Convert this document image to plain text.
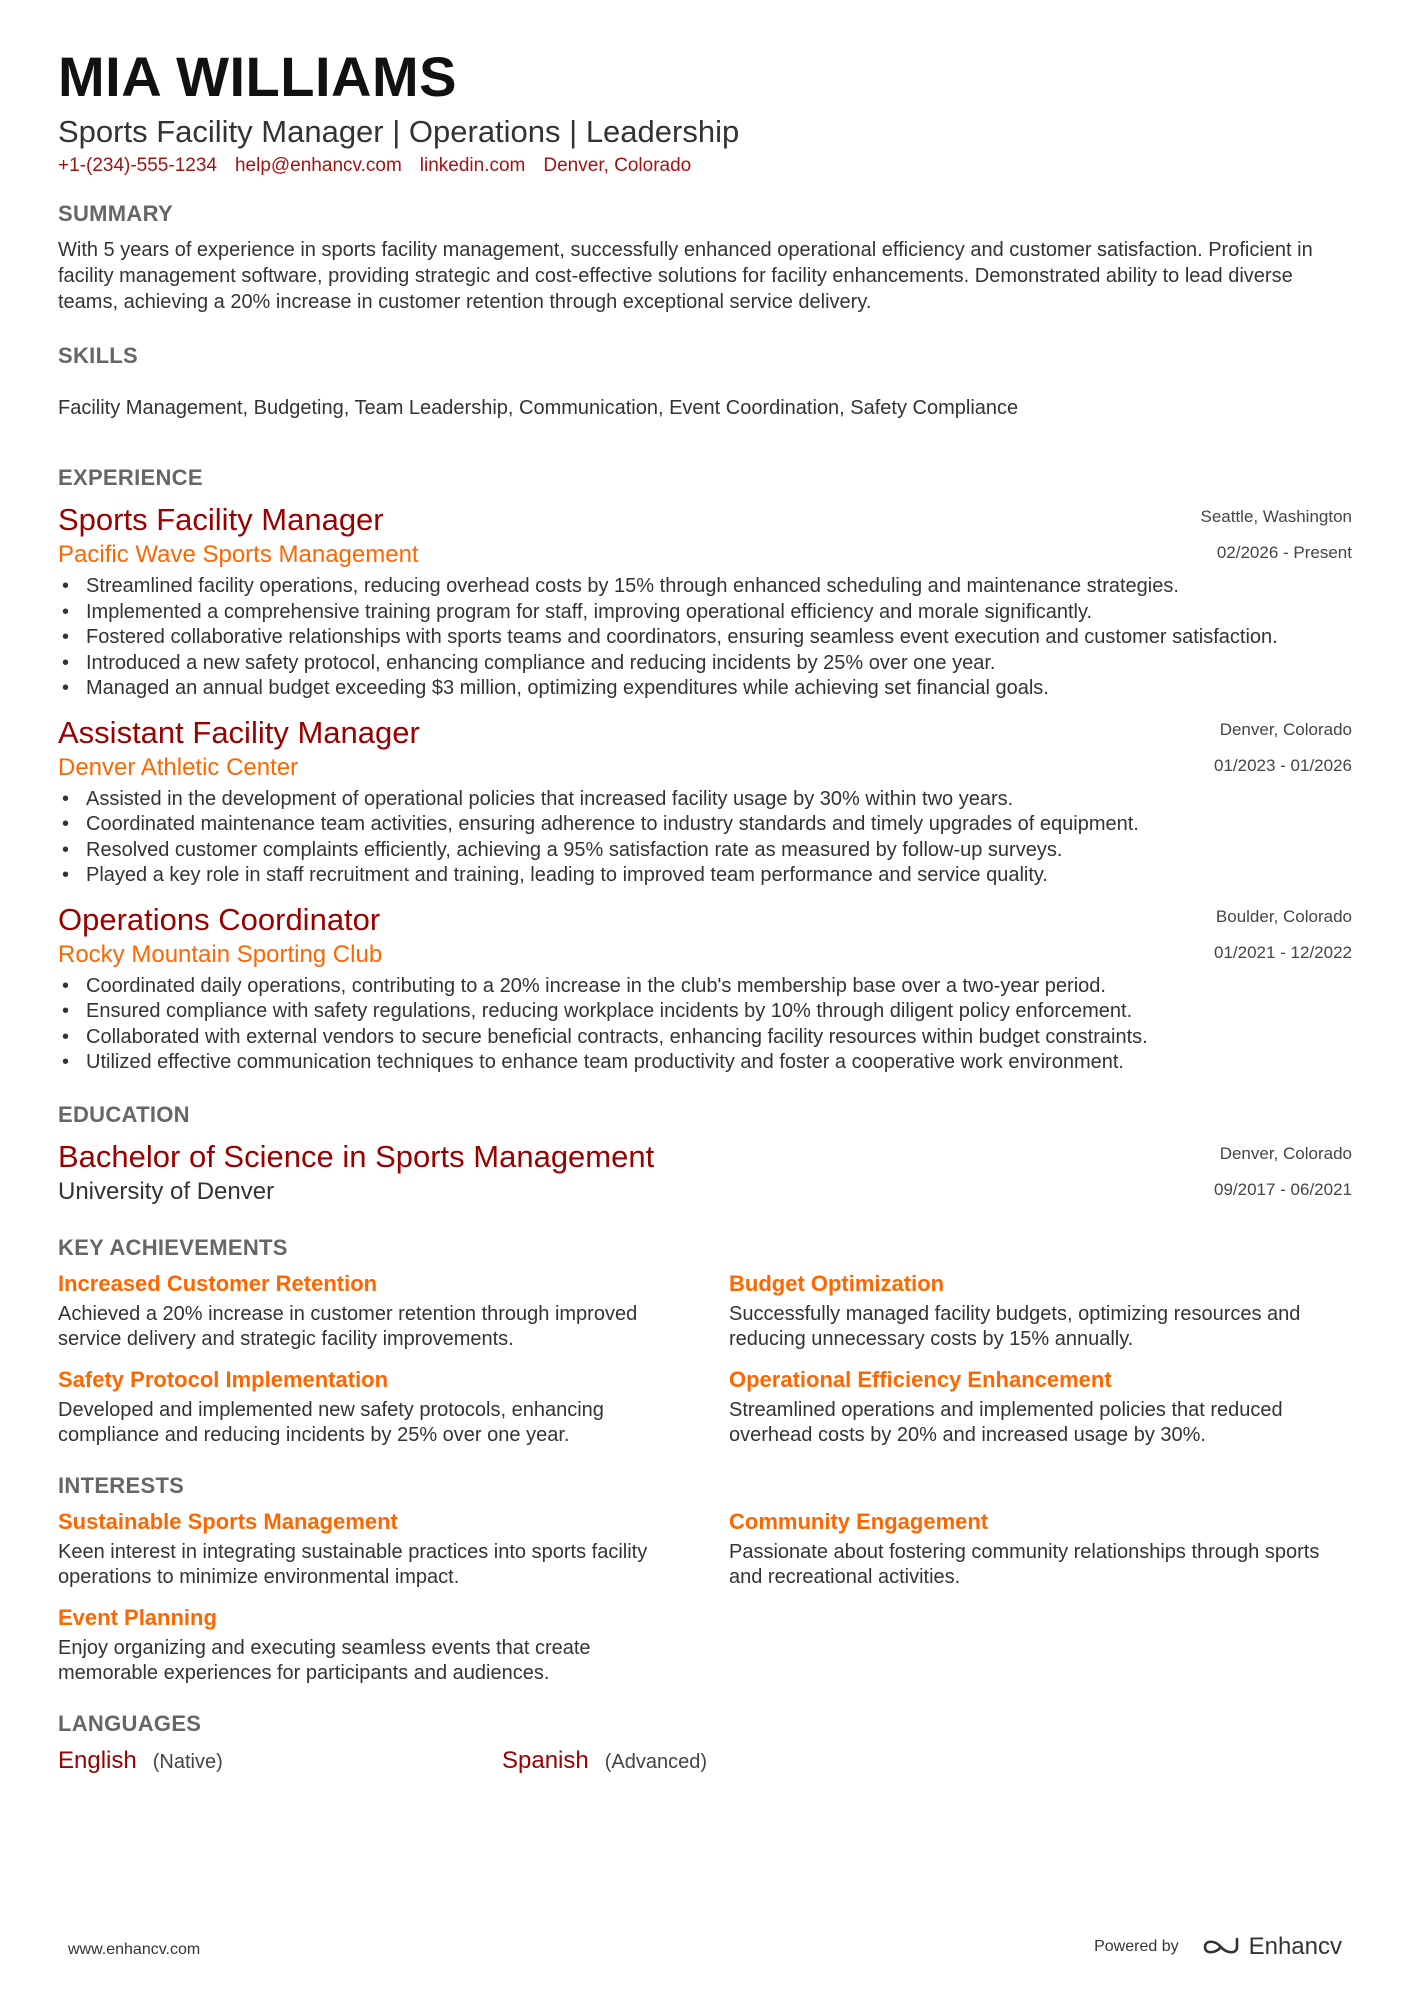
MIA WILLIAMS
Sports Facility Manager | Operations | Leadership
+1-(234)-555-1234 help@enhancv.com linkedin.com Denver, Colorado
SUMMARY
With 5 years of experience in sports facility management, successfully enhanced operational efficiency and customer satisfaction. Proficient in facility management software, providing strategic and cost-effective solutions for facility enhancements. Demonstrated ability to lead diverse teams, achieving a 20% increase in customer retention through exceptional service delivery.
SKILLS
Facility Management, Budgeting, Team Leadership, Communication, Event Coordination, Safety Compliance
EXPERIENCE
Sports Facility Manager
Pacific Wave Sports Management
Seattle, Washington
02/2026 - Present
• Streamlined facility operations, reducing overhead costs by 15% through enhanced scheduling and maintenance strategies.
• Implemented a comprehensive training program for staff, improving operational efficiency and morale significantly.
• Fostered collaborative relationships with sports teams and coordinators, ensuring seamless event execution and customer satisfaction.
• Introduced a new safety protocol, enhancing compliance and reducing incidents by 25% over one year.
• Managed an annual budget exceeding $3 million, optimizing expenditures while achieving set financial goals.
Assistant Facility Manager
Denver Athletic Center
Denver, Colorado
01/2023 - 01/2026
• Assisted in the development of operational policies that increased facility usage by 30% within two years.
• Coordinated maintenance team activities, ensuring adherence to industry standards and timely upgrades of equipment.
• Resolved customer complaints efficiently, achieving a 95% satisfaction rate as measured by follow-up surveys.
• Played a key role in staff recruitment and training, leading to improved team performance and service quality.
Operations Coordinator
Rocky Mountain Sporting Club
Boulder, Colorado
01/2021 - 12/2022
• Coordinated daily operations, contributing to a 20% increase in the club's membership base over a two-year period.
• Ensured compliance with safety regulations, reducing workplace incidents by 10% through diligent policy enforcement.
• Collaborated with external vendors to secure beneficial contracts, enhancing facility resources within budget constraints.
• Utilized effective communication techniques to enhance team productivity and foster a cooperative work environment.
EDUCATION
Bachelor of Science in Sports Management
University of Denver
Denver, Colorado
09/2017 - 06/2021
KEY ACHIEVEMENTS
Increased Customer Retention
Achieved a 20% increase in customer retention through improved service delivery and strategic facility improvements.
Budget Optimization
Successfully managed facility budgets, optimizing resources and reducing unnecessary costs by 15% annually.
Safety Protocol Implementation
Developed and implemented new safety protocols, enhancing compliance and reducing incidents by 25% over one year.
Operational Efficiency Enhancement
Streamlined operations and implemented policies that reduced overhead costs by 20% and increased usage by 30%.
INTERESTS
Sustainable Sports Management
Keen interest in integrating sustainable practices into sports facility operations to minimize environmental impact.
Community Engagement
Passionate about fostering community relationships through sports and recreational activities.
Event Planning
Enjoy organizing and executing seamless events that create memorable experiences for participants and audiences.
LANGUAGES
English (Native)	Spanish (Advanced)
www.enhancv.com	Powered by	Enhancv
